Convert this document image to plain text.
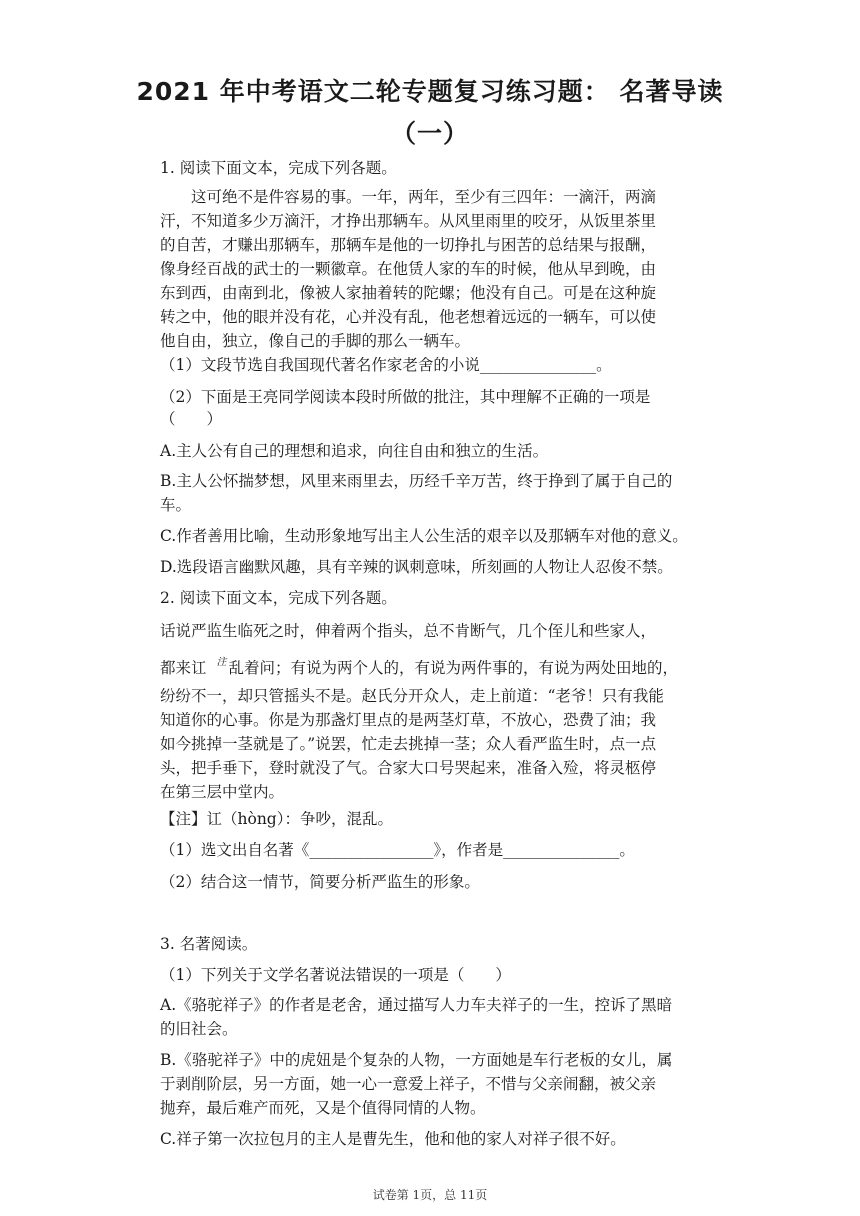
2021 年中考语文二轮专题复习练习题： 名著导读
（一）
1. 阅读下面文本，完成下列各题。
这可绝不是件容易的事。一年，两年，至少有三四年：一滴汗，两滴
汗，不知道多少万滴汗，才挣出那辆车。从风里雨里的咬牙，从饭里茶里
的自苦，才赚出那辆车，那辆车是他的一切挣扎与困苦的总结果与报酬，
像身经百战的武士的一颗徽章。在他赁人家的车的时候，他从早到晚，由
东到西，由南到北，像被人家抽着转的陀螺；他没有自己。可是在这种旋
转之中，他的眼并没有花，心并没有乱，他老想着远远的一辆车，可以使
他自由，独立，像自己的手脚的那么一辆车。
（1）文段节选自我国现代著名作家老舍的小说_______________。
（2）下面是王亮同学阅读本段时所做的批注，其中理解不正确的一项是
（　　）
A.主人公有自己的理想和追求，向往自由和独立的生活。
B.主人公怀揣梦想，风里来雨里去，历经千辛万苦，终于挣到了属于自己的
车。
C.作者善用比喻，生动形象地写出主人公生活的艰辛以及那辆车对他的意义。
D.选段语言幽默风趣，具有辛辣的讽刺意味，所刻画的人物让人忍俊不禁。
2. 阅读下面文本，完成下列各题。
话说严监生临死之时，伸着两个指头，总不肯断气，几个侄儿和些家人，
都来讧 注 乱着问；有说为两个人的，有说为两件事的，有说为两处田地的，
纷纷不一，却只管摇头不是。赵氏分开众人，走上前道：“老爷！只有我能
知道你的心事。你是为那盏灯里点的是两茎灯草，不放心，恐费了油；我
如今挑掉一茎就是了。”说罢，忙走去挑掉一茎；众人看严监生时，点一点
头，把手垂下，登时就没了气。合家大口号哭起来，准备入殓，将灵柩停
在第三层中堂内。
【注】讧（hòng）：争吵，混乱。
（1）选文出自名著《________________》，作者是_______________。
（2）结合这一情节，简要分析严监生的形象。
3. 名著阅读。
（1）下列关于文学名著说法错误的一项是（　　）
A.《骆驼祥子》的作者是老舍，通过描写人力车夫祥子的一生，控诉了黑暗
的旧社会。
B.《骆驼祥子》中的虎妞是个复杂的人物，一方面她是车行老板的女儿，属
于剥削阶层，另一方面，她一心一意爱上祥子，不惜与父亲闹翻，被父亲
抛弃，最后难产而死，又是个值得同情的人物。
C.祥子第一次拉包月的主人是曹先生，他和他的家人对祥子很不好。
试卷第 1页，总 11页
